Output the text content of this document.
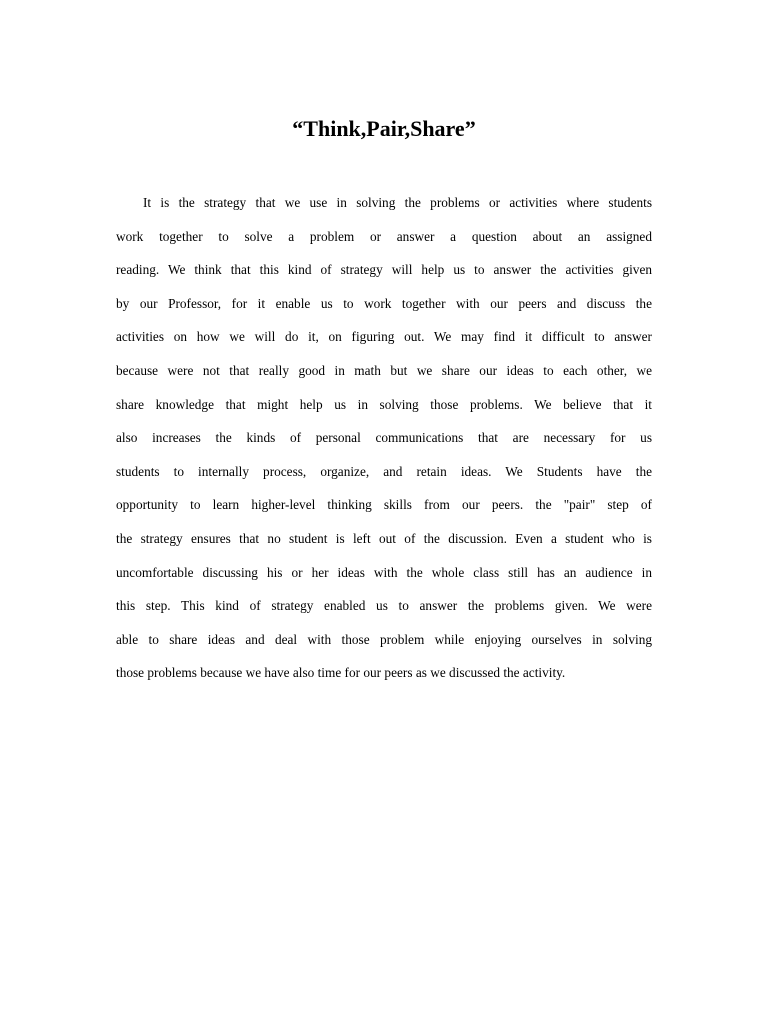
“Think,Pair,Share”
It is the strategy that we use in solving the problems or activities where students
work together to solve a problem or answer a question about an assigned
reading. We think that this kind of strategy will help us to answer the activities given
by our Professor, for it enable us to work together with our peers and discuss the
activities on how we will do it, on figuring out. We may find it difficult to answer
because were not that really good in math but we share our ideas to each other, we
share knowledge that might help us in solving those problems. We believe that it
also increases the kinds of personal communications that are necessary for us
students to internally process, organize, and retain ideas. We Students have the
opportunity to learn higher-level thinking skills from our peers. the "pair" step of
the strategy ensures that no student is left out of the discussion. Even a student who is
uncomfortable discussing his or her ideas with the whole class still has an audience in
this step. This kind of strategy enabled us to answer the problems given. We were
able to share ideas and deal with those problem while enjoying ourselves in solving
those problems because we have also time for our peers as we discussed the activity.
